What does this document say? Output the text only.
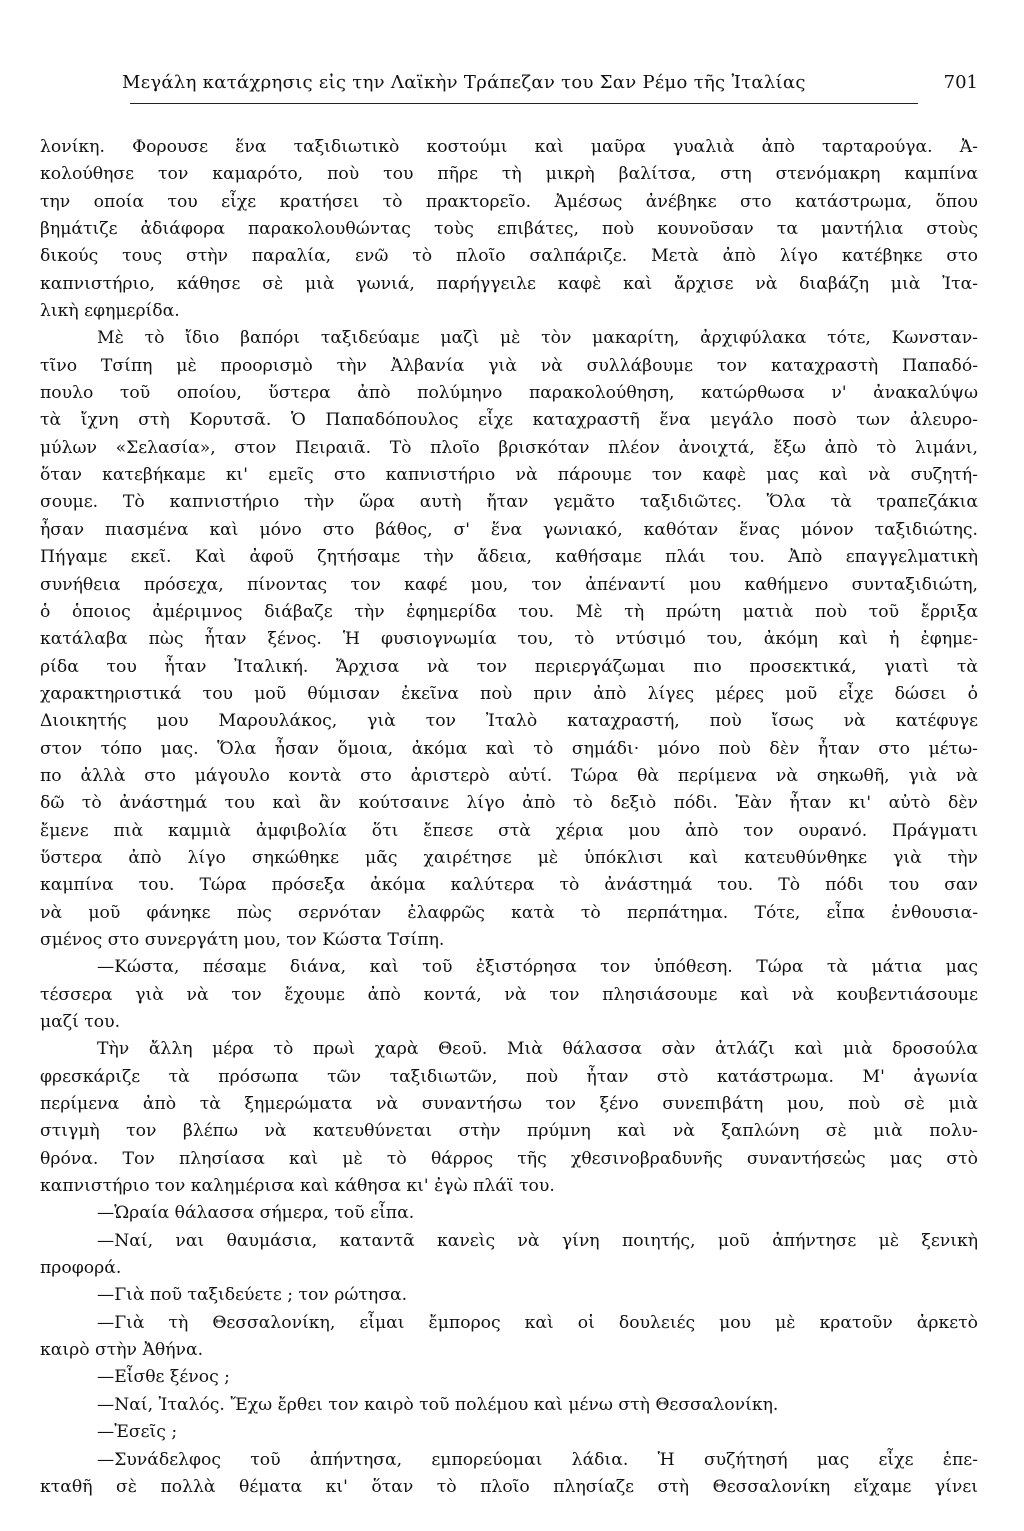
Μεγάλη κατάχρησις εἰς την Λαϊκὴν Τράπεζαν του Σαν Ρέμο τῆς Ἰταλίας	701
λονίκη. Φορουσε ἕνα ταξιδιωτικὸ κοστούμι καὶ μαῦρα γυαλιὰ ἀπὸ ταρταρούγα. Ἀ-
κολούθησε τον καμαρότο, ποὺ του πῆρε τὴ μικρὴ βαλίτσα, στη στενόμακρη καμπίνα
την οποία του εἶχε κρατήσει τὸ πρακτορεῖο. Ἀμέσως ἀνέβηκε στο κατάστρωμα, ὅπου
βημάτιζε ἀδιάφορα παρακολουθώντας τοὺς επιβάτες, ποὺ κουνοῦσαν τα μαντήλια στοὺς
δικούς τους στὴν παραλία, ενῶ τὸ πλοῖο σαλπάριζε. Μετὰ ἀπὸ λίγο κατέβηκε στο
καπνιστήριο, κάθησε σὲ μιὰ γωνιά, παρήγγειλε καφὲ καὶ ἄρχισε νὰ διαβάζη μιὰ Ἰτα-
λικὴ εφημερίδα.
Μὲ τὸ ἴδιο βαπόρι ταξιδεύαμε μαζὶ μὲ τὸν μακαρίτη, ἀρχιφύλακα τότε, Κωνσταν-
τῖνο Τσίπη μὲ προορισμὸ τὴν Ἀλβανία γιὰ νὰ συλλάβουμε τον καταχραστὴ Παπαδό-
πουλο τοῦ οποίου, ὕστερα ἀπὸ πολύμηνο παρακολούθηση, κατώρθωσα ν' ἀνακαλύψω
τὰ ἴχνη στὴ Κορυτσᾶ. Ὁ Παπαδόπουλος εἶχε καταχραστῆ ἕνα μεγάλο ποσὸ των ἀλευρο-
μύλων «Σελασία», στον Πειραιᾶ. Τὸ πλοῖο βρισκόταν πλέον ἀνοιχτά, ἔξω ἀπὸ τὸ λιμάνι,
ὅταν κατεβήκαμε κι' εμεῖς στο καπνιστήριο νὰ πάρουμε τον καφὲ μας καὶ νὰ συζητή-
σουμε. Τὸ καπνιστήριο τὴν ὥρα αυτὴ ἤταν γεμᾶτο ταξιδιῶτες. Ὅλα τὰ τραπεζάκια
ἦσαν πιασμένα καὶ μόνο στο βάθος, σ' ἕνα γωνιακό, καθόταν ἕνας μόνον ταξιδιώτης.
Πήγαμε εκεῖ. Καὶ ἀφοῦ ζητήσαμε τὴν ἄδεια, καθήσαμε πλάι του. Ἀπὸ επαγγελματικὴ
συνήθεια πρόσεχα, πίνοντας τον καφέ μου, τον ἀπέναντί μου καθήμενο συνταξιδιώτη,
ὁ ὁποιος ἀμέριμνος διάβαζε τὴν ἐφημερίδα του. Μὲ τὴ πρώτη ματιὰ ποὺ τοῦ ἔρριξα
κατάλαβα πὼς ἦταν ξένος. Ἡ φυσιογνωμία του, τὸ ντύσιμό του, ἀκόμη καὶ ἡ ἐφημε-
ρίδα του ἦταν Ἰταλική. Ἄρχισα νὰ τον περιεργάζωμαι πιο προσεκτικά, γιατὶ τὰ
χαρακτηριστικά του μοῦ θύμισαν ἐκεῖνα ποὺ πριν ἀπὸ λίγες μέρες μοῦ εἶχε δώσει ὁ
Διοικητής μου Μαρουλάκος, γιὰ τον Ἰταλὸ καταχραστή, ποὺ ἴσως νὰ κατέφυγε
στον τόπο μας. Ὅλα ἦσαν ὅμοια, ἀκόμα καὶ τὸ σημάδι· μόνο ποὺ δὲν ἦταν στο μέτω-
πο ἀλλὰ στο μάγουλο κοντὰ στο ἀριστερὸ αὐτί. Τώρα θὰ περίμενα νὰ σηκωθῆ, γιὰ νὰ
δῶ τὸ ἀνάστημά του καὶ ἂν κούτσαινε λίγο ἀπὸ τὸ δεξιὸ πόδι. Ἐὰν ἦταν κι' αὐτὸ δὲν
ἔμενε πιὰ καμμιὰ ἀμφιβολία ὅτι ἔπεσε στὰ χέρια μου ἀπὸ τον ουρανό. Πράγματι
ὕστερα ἀπὸ λίγο σηκώθηκε μᾶς χαιρέτησε μὲ ὑπόκλισι καὶ κατευθύνθηκε γιὰ τὴν
καμπίνα του. Τώρα πρόσεξα ἀκόμα καλύτερα τὸ ἀνάστημά του. Τὸ πόδι του σαν
νὰ μοῦ φάνηκε πὼς σερνόταν ἐλαφρῶς κατὰ τὸ περπάτημα. Τότε, εἶπα ἐνθουσια-
σμένος στο συνεργάτη μου, τον Κώστα Τσίπη.
—Κώστα, πέσαμε διάνα, καὶ τοῦ ἐξιστόρησα τον ὑπόθεση. Τώρα τὰ μάτια μας
τέσσερα γιὰ νὰ τον ἔχουμε ἀπὸ κοντά, νὰ τον πλησιάσουμε καὶ νὰ κουβεντιάσουμε
μαζί του.
Τὴν ἄλλη μέρα τὸ πρωὶ χαρὰ Θεοῦ. Μιὰ θάλασσα σὰν ἀτλάζι καὶ μιὰ δροσούλα
φρεσκάριζε τὰ πρόσωπα τῶν ταξιδιωτῶν, ποὺ ἦταν στὸ κατάστρωμα. Μ' ἀγωνία
περίμενα ἀπὸ τὰ ξημερώματα νὰ συναντήσω τον ξένο συνεπιβάτη μου, ποὺ σὲ μιὰ
στιγμὴ τον βλέπω νὰ κατευθύνεται στὴν πρύμνη καὶ νὰ ξαπλώνη σὲ μιὰ πολυ-
θρόνα. Τον πλησίασα καὶ μὲ τὸ θάρρος τῆς χθεσινοβραδυνῆς συναντήσεὡς μας στὸ
καπνιστήριο τον καλημέρισα καὶ κάθησα κι' ἐγὼ πλάϊ του.
—Ὡραία θάλασσα σήμερα, τοῦ εἶπα.
—Ναί, ναι θαυμάσια, καταντᾶ κανεὶς νὰ γίνη ποιητής, μοῦ ἀπήντησε μὲ ξενικὴ
προφορά.
—Γιὰ ποῦ ταξιδεύετε ; τον ρώτησα.
—Γιὰ τὴ Θεσσαλονίκη, εἶμαι ἔμπορος καὶ οἱ δουλειές μου μὲ κρατοῦν ἀρκετὸ
καιρὸ στὴν Ἀθήνα.
—Εἶσθε ξένος ;
—Ναί, Ἰταλός. Ἔχω ἔρθει τον καιρὸ τοῦ πολέμου καὶ μένω στὴ Θεσσαλονίκη.
—Ἐσεῖς ;
—Συνάδελφος τοῦ ἀπήντησα, εμπορεύομαι λάδια. Ἡ συζήτησή μας εἶχε ἐπε-
κταθῆ σὲ πολλὰ θέματα κι' ὅταν τὸ πλοῖο πλησίαζε στὴ Θεσσαλονίκη εἴχαμε γίνει
